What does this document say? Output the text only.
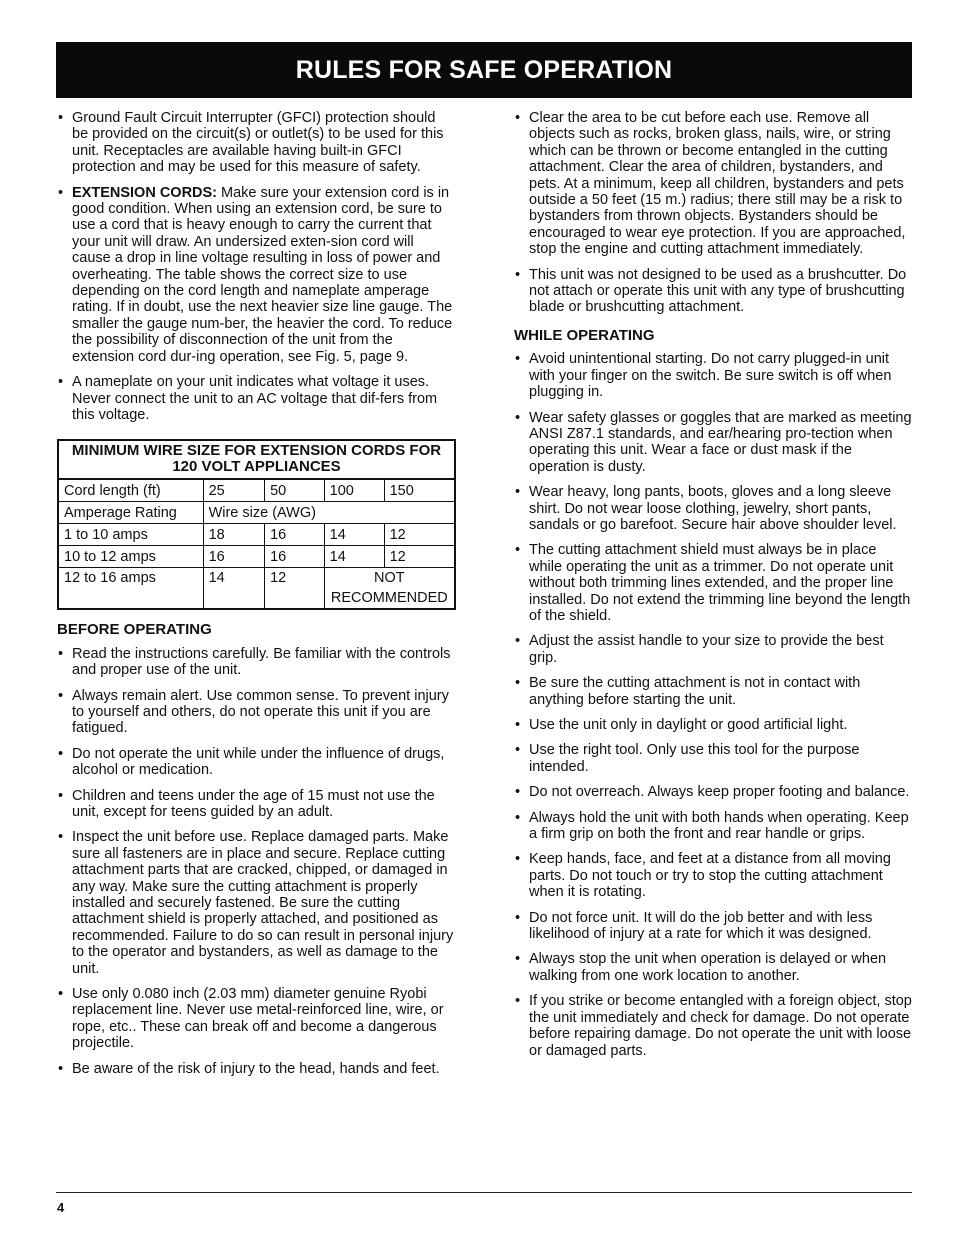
RULES FOR SAFE OPERATION
• Ground Fault Circuit Interrupter (GFCI) protection should be provided on the circuit(s) or outlet(s) to be used for this unit. Receptacles are available having built-in GFCI protection and may be used for this measure of safety.
• EXTENSION CORDS: Make sure your extension cord is in good condition. When using an extension cord, be sure to use a cord that is heavy enough to carry the current that your unit will draw. An undersized exten-sion cord will cause a drop in line voltage resulting in loss of power and overheating. The table shows the correct size to use depending on the cord length and nameplate amperage rating. If in doubt, use the next heavier size line gauge. The smaller the gauge num-ber, the heavier the cord. To reduce the possibility of disconnection of the unit from the extension cord dur-ing operation, see Fig. 5, page 9.
• A nameplate on your unit indicates what voltage it uses. Never connect the unit to an AC voltage that dif-fers from this voltage.
MINIMUM WIRE SIZE FOR EXTENSION CORDS FOR 120 VOLT APPLIANCES				
Cord length (ft)	25	50	100	150
Amperage Rating	Wire size (AWG)			
1 to 10 amps	18	16	14	12
10 to 12 amps	16	16	14	12
12 to 16 amps	14	12	NOT
RECOMMENDED	
BEFORE OPERATING
• Read the instructions carefully. Be familiar with the controls and proper use of the unit.
• Always remain alert. Use common sense. To prevent injury to yourself and others, do not operate this unit if you are fatigued.
• Do not operate the unit while under the influence of drugs, alcohol or medication.
• Children and teens under the age of 15 must not use the unit, except for teens guided by an adult.
• Inspect the unit before use. Replace damaged parts. Make sure all fasteners are in place and secure. Replace cutting attachment parts that are cracked, chipped, or damaged in any way. Make sure the cutting attachment is properly installed and securely fastened. Be sure the cutting attachment shield is properly attached, and positioned as recommended. Failure to do so can result in personal injury to the operator and bystanders, as well as damage to the unit.
• Use only 0.080 inch (2.03 mm) diameter genuine Ryobi replacement line. Never use metal-reinforced line, wire, or rope, etc.. These can break off and become a dangerous projectile.
• Be aware of the risk of injury to the head, hands and feet.
• Clear the area to be cut before each use. Remove all objects such as rocks, broken glass, nails, wire, or string which can be thrown or become entangled in the cutting attachment. Clear the area of children, bystanders, and pets. At a minimum, keep all children, bystanders and pets outside a 50 feet (15 m.) radius; there still may be a risk to bystanders from thrown objects. Bystanders should be encouraged to wear eye protection. If you are approached, stop the engine and cutting attachment immediately.
• This unit was not designed to be used as a brushcutter. Do not attach or operate this unit with any type of brushcutting blade or brushcutting attachment.
WHILE OPERATING
• Avoid unintentional starting. Do not carry plugged-in unit with your finger on the switch. Be sure switch is off when plugging in.
• Wear safety glasses or goggles that are marked as meeting ANSI Z87.1 standards, and ear/hearing pro-tection when operating this unit. Wear a face or dust mask if the operation is dusty.
• Wear heavy, long pants, boots, gloves and a long sleeve shirt. Do not wear loose clothing, jewelry, short pants, sandals or go barefoot. Secure hair above shoulder level.
• The cutting attachment shield must always be in place while operating the unit as a trimmer. Do not operate unit without both trimming lines extended, and the proper line installed. Do not extend the trimming line beyond the length of the shield.
• Adjust the assist handle to your size to provide the best grip.
• Be sure the cutting attachment is not in contact with anything before starting the unit.
• Use the unit only in daylight or good artificial light.
• Use the right tool. Only use this tool for the purpose intended.
• Do not overreach. Always keep proper footing and balance.
• Always hold the unit with both hands when operating. Keep a firm grip on both the front and rear handle or grips.
• Keep hands, face, and feet at a distance from all moving parts. Do not touch or try to stop the cutting attachment when it is rotating.
• Do not force unit. It will do the job better and with less likelihood of injury at a rate for which it was designed.
• Always stop the unit when operation is delayed or when walking from one work location to another.
• If you strike or become entangled with a foreign object, stop the unit immediately and check for damage. Do not operate before repairing damage. Do not operate the unit with loose or damaged parts.
4
